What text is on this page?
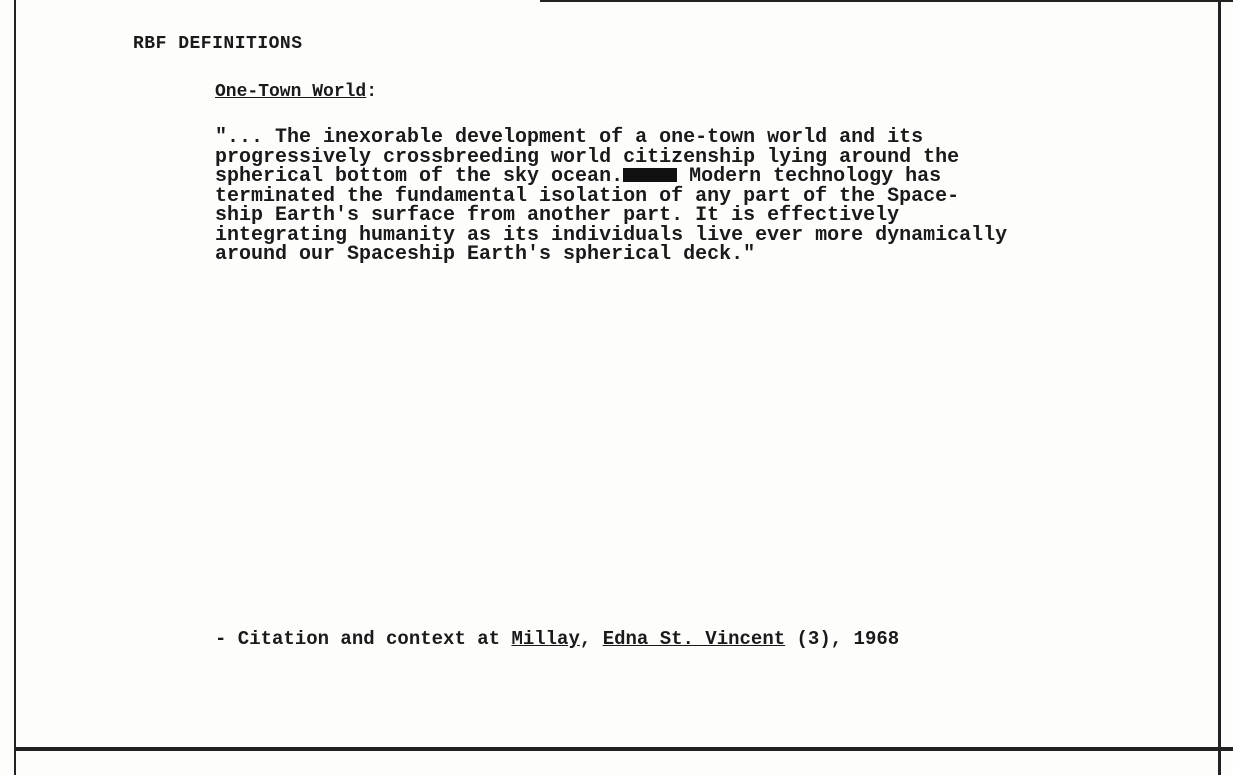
RBF DEFINITIONS
One-Town World:
"... The inexorable development of a one-town world and its
progressively crossbreeding world citizenship lying around the
spherical bottom of the sky ocean.	Modern technology has
terminated the fundamental isolation of any part of the Space-
ship Earth's surface from another part. It is effectively
integrating humanity as its individuals live ever more dynamically
around our Spaceship Earth's spherical deck."
- Citation and context at Millay, Edna St. Vincent (3), 1968
